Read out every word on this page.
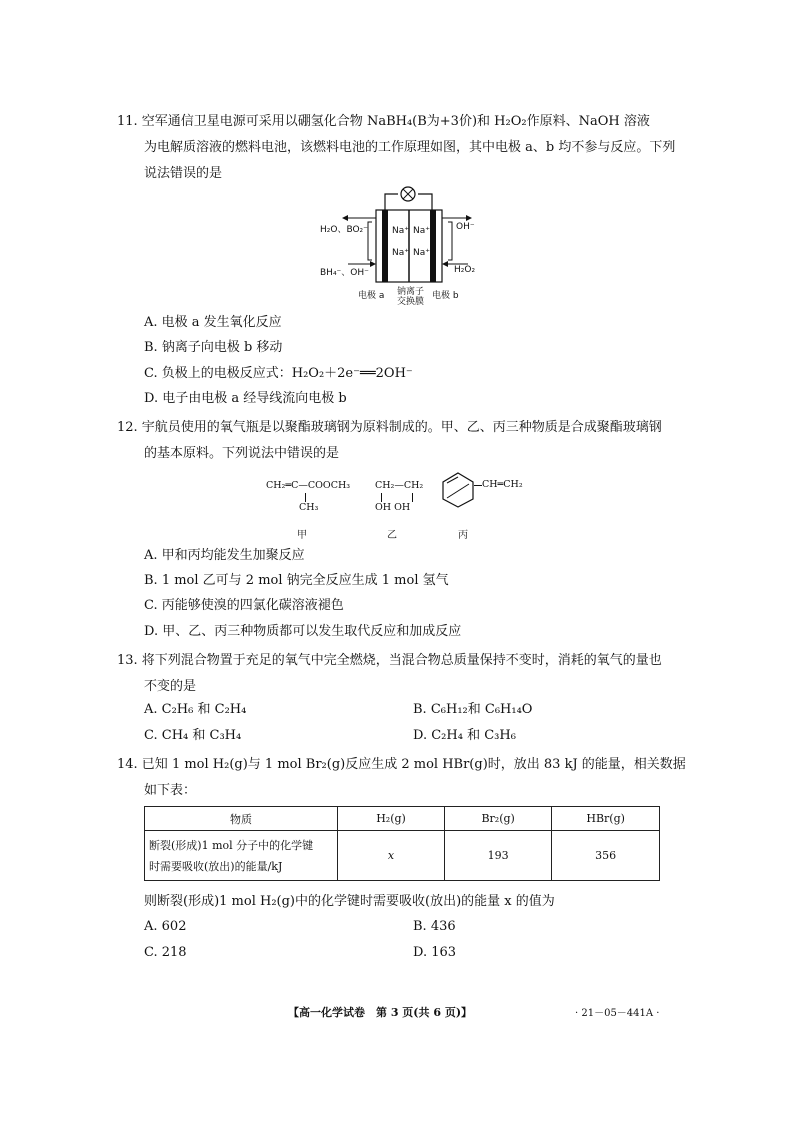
11. 空军通信卫星电源可采用以硼氢化合物 NaBH₄(B为+3价)和 H₂O₂作原料、NaOH 溶液
为电解质溶液的燃料电池，该燃料电池的工作原理如图，其中电极 a、b 均不参与反应。下列
说法错误的是
H₂O、BO₂⁻
BH₄⁻、OH⁻
OH⁻
H₂O₂
Na⁺ Na⁺
Na⁺ Na⁺
电极 a 钠离子
交换膜
电极 b
A. 电极 a 发生氧化反应
B. 钠离子向电极 b 移动
C. 负极上的电极反应式：H₂O₂＋2e⁻══2OH⁻
D. 电子由电极 a 经导线流向电极 b
12. 宇航员使用的氧气瓶是以聚酯玻璃钢为原料制成的。甲、乙、丙三种物质是合成聚酯玻璃钢
的基本原料。下列说法中错误的是
CH₂═C—COOCH₃
CH₃
CH₂—CH₂
OH OH
CH═CH₂
甲	乙	丙
A. 甲和丙均能发生加聚反应
B. 1 mol 乙可与 2 mol 钠完全反应生成 1 mol 氢气
C. 丙能够使溴的四氯化碳溶液褪色
D. 甲、乙、丙三种物质都可以发生取代反应和加成反应
13. 将下列混合物置于充足的氧气中完全燃烧，当混合物总质量保持不变时，消耗的氧气的量也
不变的是
A. C₂H₆ 和 C₂H₄	B. C₆H₁₂和 C₆H₁₄O
C. CH₄ 和 C₃H₄	D. C₂H₄ 和 C₃H₆
14. 已知 1 mol H₂(g)与 1 mol Br₂(g)反应生成 2 mol HBr(g)时，放出 83 kJ 的能量，相关数据
如下表：
物质	H₂(g)	Br₂(g)	HBr(g)

断裂(形成)1 mol 分子中的化学键
时需要吸收(放出)的能量/kJ	x	193	356
则断裂(形成)1 mol H₂(g)中的化学键时需要吸收(放出)的能量 x 的值为
A. 602	B. 436
C. 218	D. 163
【高一化学试卷　第 3 页(共 6 页)】	· 21－05－441A ·
